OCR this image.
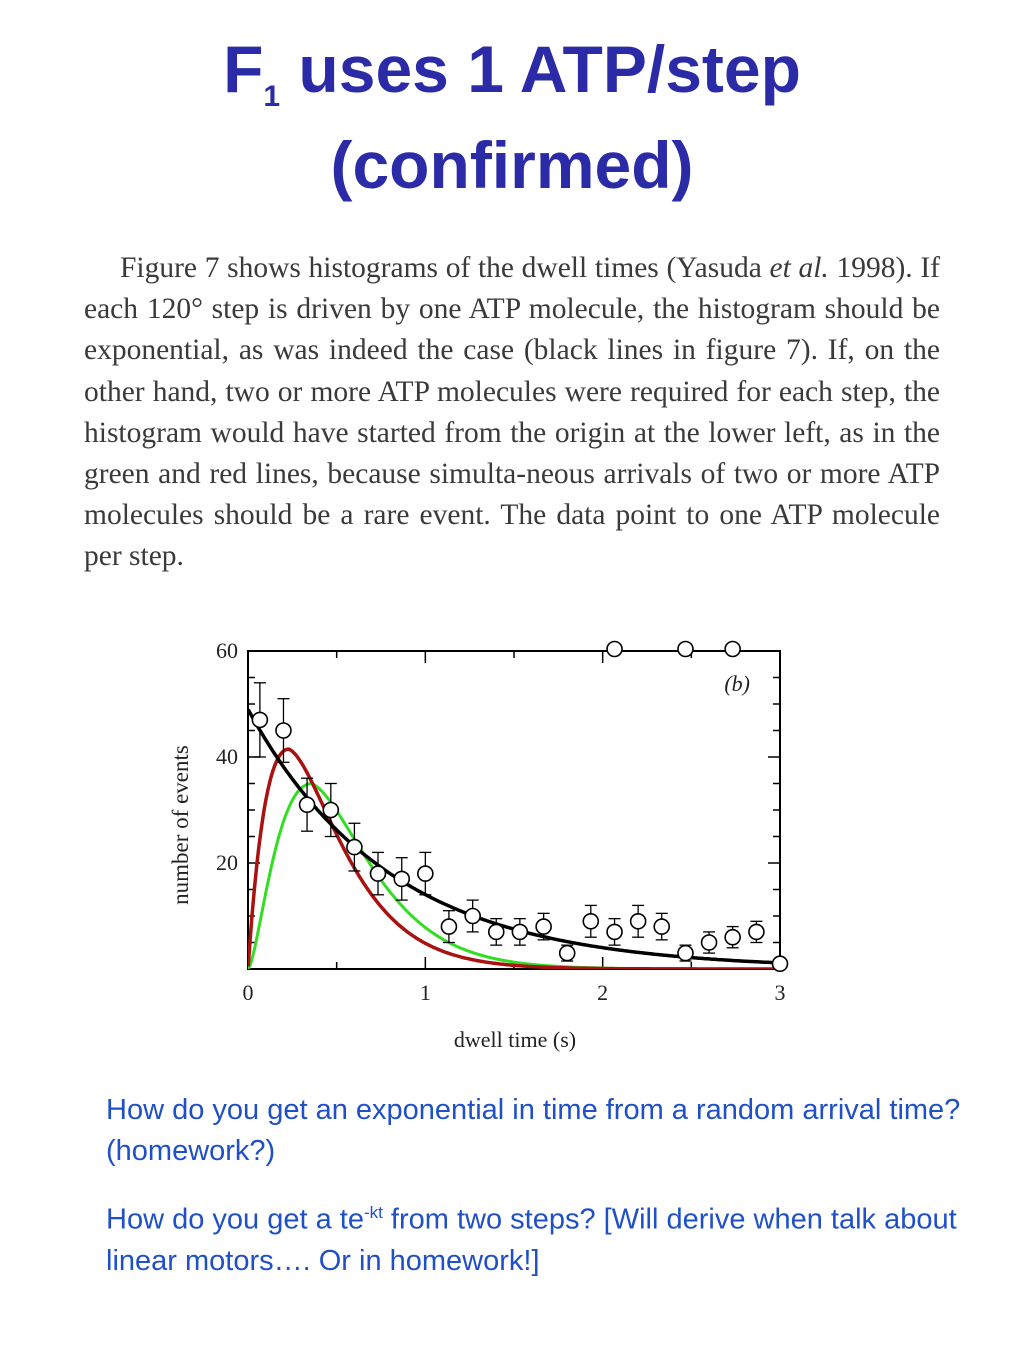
$F_1$ uses 1 ATP/step
(confirmed)
Figure 7 shows histograms of the dwell times (Yasuda et al. 1998). If each 120° step is driven by one ATP molecule, the histogram should be exponential, as was indeed the case (black lines in figure 7). If, on the other hand, two or more ATP molecules were required for each step, the histogram would have started from the origin at the lower left, as in the green and red lines, because simulta-neous arrivals of two or more ATP molecules should be a rare event. The data point to one ATP molecule per step.
0	1	2	3
20
40
60
dwell time (s)
number of events
(b)
How do you get an exponential in time from a random arrival time? (homework?)
How do you get a $te^{-kt}$ from two steps? [Will derive when talk about linear motors…. Or in homework!]
